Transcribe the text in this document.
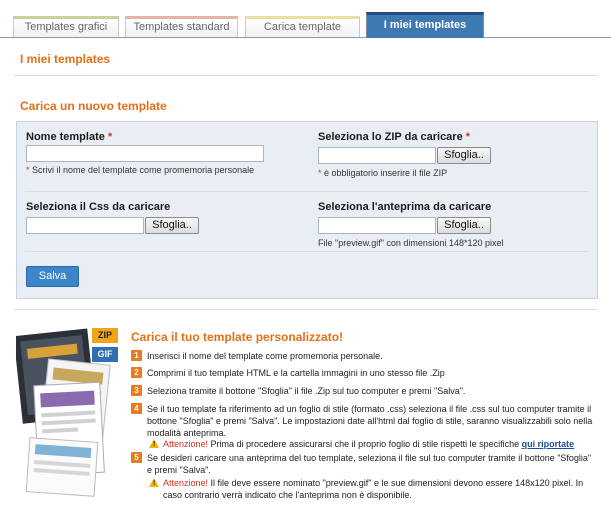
Templates grafici	Templates standard	Carica template	I miei templates
I miei templates
Carica un nuovo template
Nome template *
* Scrivi il nome del template come promemoria personale
Seleziona lo ZIP da caricare *
Sfoglia..
* è obbligatorio inserire il file ZIP
Seleziona il Css da caricare
Sfoglia..
Seleziona l'anteprima da caricare
Sfoglia..
File "preview.gif" con dimensioni 148*120 pixel
Salva
ZIP
GIF
Carica il tuo template personalizzato!
1 Inserisci il nome del template come promemoria personale.
2 Comprimi il tuo template HTML e la cartella immagini in uno stesso file .Zip
3 Seleziona tramite il bottone "Sfoglia" il file .Zip sul tuo computer e premi "Salva".
4 Se il tuo template fa riferimento ad un foglio di stile (formato .css) seleziona il file .css sul tuo computer tramite il bottone "Sfoglia" e premi "Salva". Le impostazioni date all'html dal foglio di stile, saranno visualizzabili solo nella modalità anteprima.
! Attenzione! Prima di procedere assicurarsi che il proprio foglio di stile rispetti le specifiche qui riportate
5 Se desideri caricare una anteprima del tuo template, seleziona il file sul tuo computer tramite il bottone "Sfoglia" e premi "Salva".
! Attenzione! Il file deve essere nominato "preview.gif" e le sue dimensioni devono essere 148x120 pixel. In caso contrario verrà indicato che l'anteprima non è disponibile.
